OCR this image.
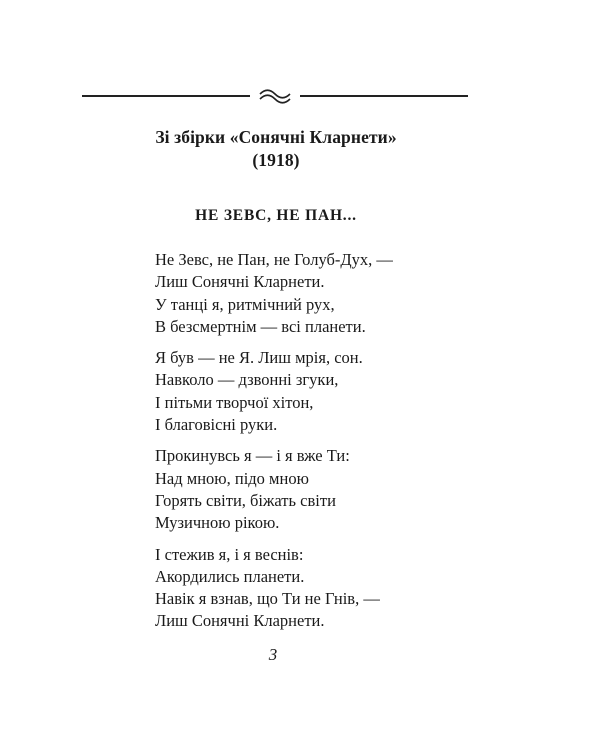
Зі збірки «Сонячні Кларнети»
(1918)
НЕ ЗЕВС, НЕ ПАН...
Не Зевс, не Пан, не Голуб-Дух, —
Лиш Сонячні Кларнети.
У танці я, ритмічний рух,
В безсмертнім — всі планети.
Я був — не Я. Лиш мрія, сон.
Навколо — дзвонні згуки,
І пітьми творчої хітон,
І благовісні руки.
Прокинувсь я — і я вже Ти:
Над мною, підо мною
Горять світи, біжать світи
Музичною рікою.
І стежив я, і я веснів:
Акордились планети.
Навік я взнав, що Ти не Гнів, —
Лиш Сонячні Кларнети.
3
